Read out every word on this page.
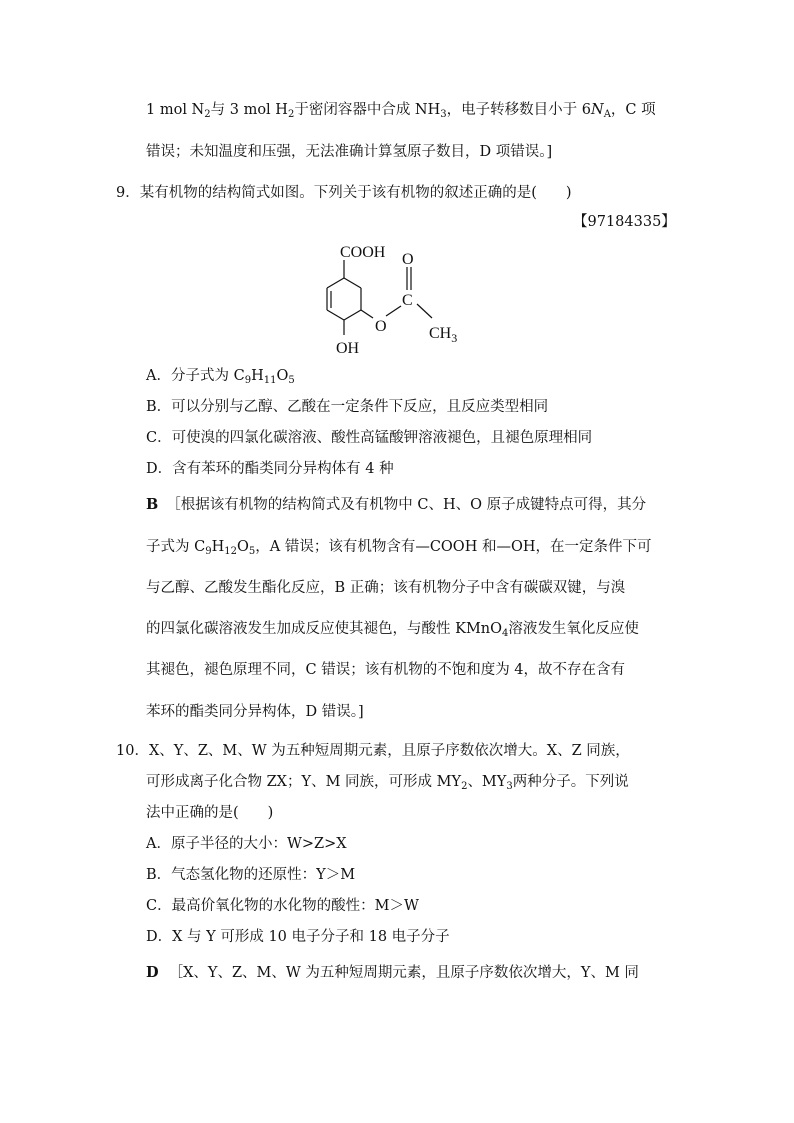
1 mol $N_2$与 3 mol $H_2$于密闭容器中合成 $NH_3$，电子转移数目小于 $6N_A$，C 项
错误；未知温度和压强，无法准确计算氢原子数目，D 项错误。]
9．某有机物的结构简式如图。下列关于该有机物的叙述正确的是(　　)
【97184335】
COOH O
C
O	$CH_3$
OH
A．分子式为 $C_9H_{11}O_5$
B．可以分别与乙醇、乙酸在一定条件下反应，且反应类型相同
C．可使溴的四氯化碳溶液、酸性高锰酸钾溶液褪色，且褪色原理相同
D．含有苯环的酯类同分异构体有 4 种
B ［根据该有机物的结构简式及有机物中 C、H、O 原子成键特点可得，其分
子式为 $C_9H_{12}O_5$，A 错误；该有机物含有—COOH 和—OH，在一定条件下可
与乙醇、乙酸发生酯化反应，B 正确；该有机物分子中含有碳碳双键，与溴
的四氯化碳溶液发生加成反应使其褪色，与酸性 KMnO$_4$溶液发生氧化反应使
其褪色，褪色原理不同，C 错误；该有机物的不饱和度为 4，故不存在含有
苯环的酯类同分异构体，D 错误。]
10．X、Y、Z、M、W 为五种短周期元素，且原子序数依次增大。X、Z 同族，
可形成离子化合物 ZX；Y、M 同族，可形成 $MY_2$、$MY_3$两种分子。下列说
法中正确的是(　　)
A．原子半径的大小：W>Z>X
B．气态氢化物的还原性：Y＞M
C．最高价氧化物的水化物的酸性：M＞W
D．X 与 Y 可形成 10 电子分子和 18 电子分子
D ［X、Y、Z、M、W 为五种短周期元素，且原子序数依次增大，Y、M 同
